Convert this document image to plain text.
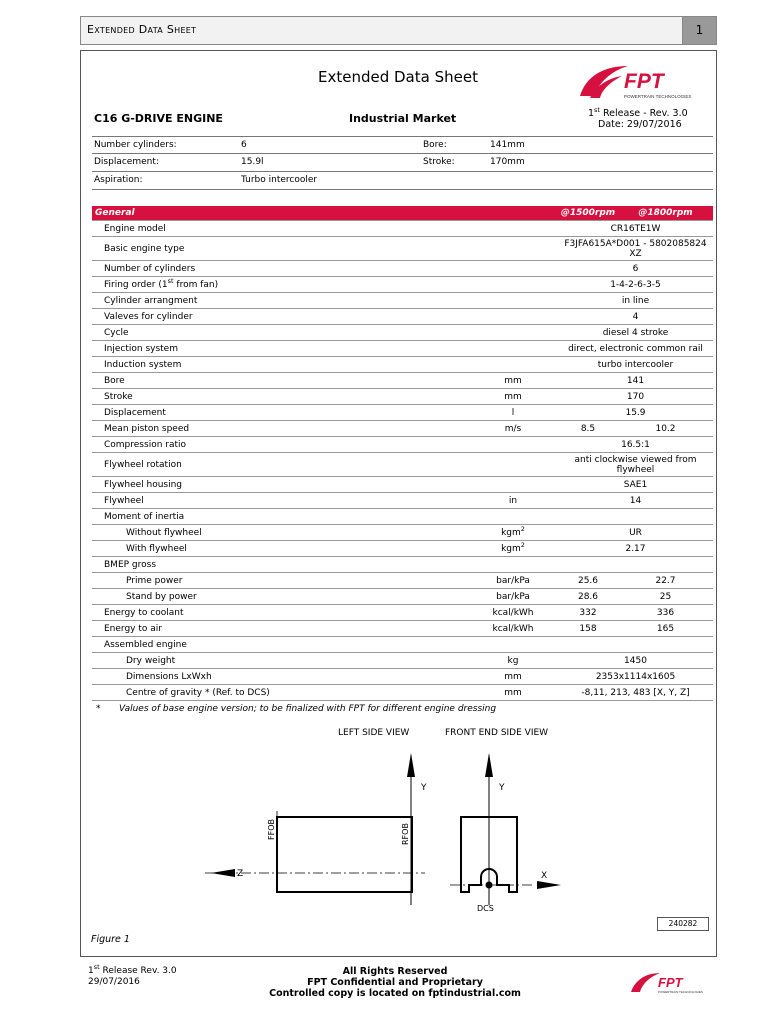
Extended Data Sheet	1
Extended Data Sheet	FPT
POWERTRAIN TECHNOLOGIES
C16 G-DRIVE ENGINE	Industrial Market	1st Release - Rev. 3.0
Date: 29/07/2016
Number cylinders:	6	Bore:	141mm
Displacement:	15.9l	Stroke:	170mm
Aspiration:	Turbo intercooler
General		@1500rpm	@1800rpm
Engine model		CR16TE1W	
Basic engine type		F3JFA615A*D001 - 5802085824 XZ	
Number of cylinders		6	
Firing order (1st from fan)		1-4-2-6-3-5	
Cylinder arrangment		in line	
Valeves for cylinder		4	
Cycle		diesel 4 stroke	
Injection system		direct, electronic common rail	
Induction system		turbo intercooler	
Bore	mm	141	
Stroke	mm	170	
Displacement	l	15.9	
Mean piston speed	m/s	8.5	10.2
Compression ratio		16.5:1	
Flywheel rotation		anti clockwise viewed from flywheel	
Flywheel housing		SAE1	
Flywheel	in	14	
Moment of inertia			
Without flywheel	kgm$^2$	UR	
With flywheel	kgm$^2$	2.17	
BMEP gross			
Prime power	bar/kPa	25.6	22.7
Stand by power	bar/kPa	28.6	25
Energy to coolant	kcal/kWh	332	336
Energy to air	kcal/kWh	158	165
Assembled engine			
Dry weight	kg	1450	
Dimensions LxWxh	mm	2353x1114x1605	
Centre of gravity * (Ref. to DCS)	mm	-8,11, 213, 483 [X, Y, Z]	
* Values of base engine version; to be finalized with FPT for different engine dressing
LEFT SIDE VIEW	FRONT END SIDE VIEW
Y	Y
Z	X
DCS
FFOB	RFOB
240282
Figure 1
1st Release Rev. 3.0
29/07/2016
All Rights Reserved
FPT Confidential and Proprietary
Controlled copy is located on fptindustrial.com
FPT
POWERTRAIN TECHNOLOGIES
